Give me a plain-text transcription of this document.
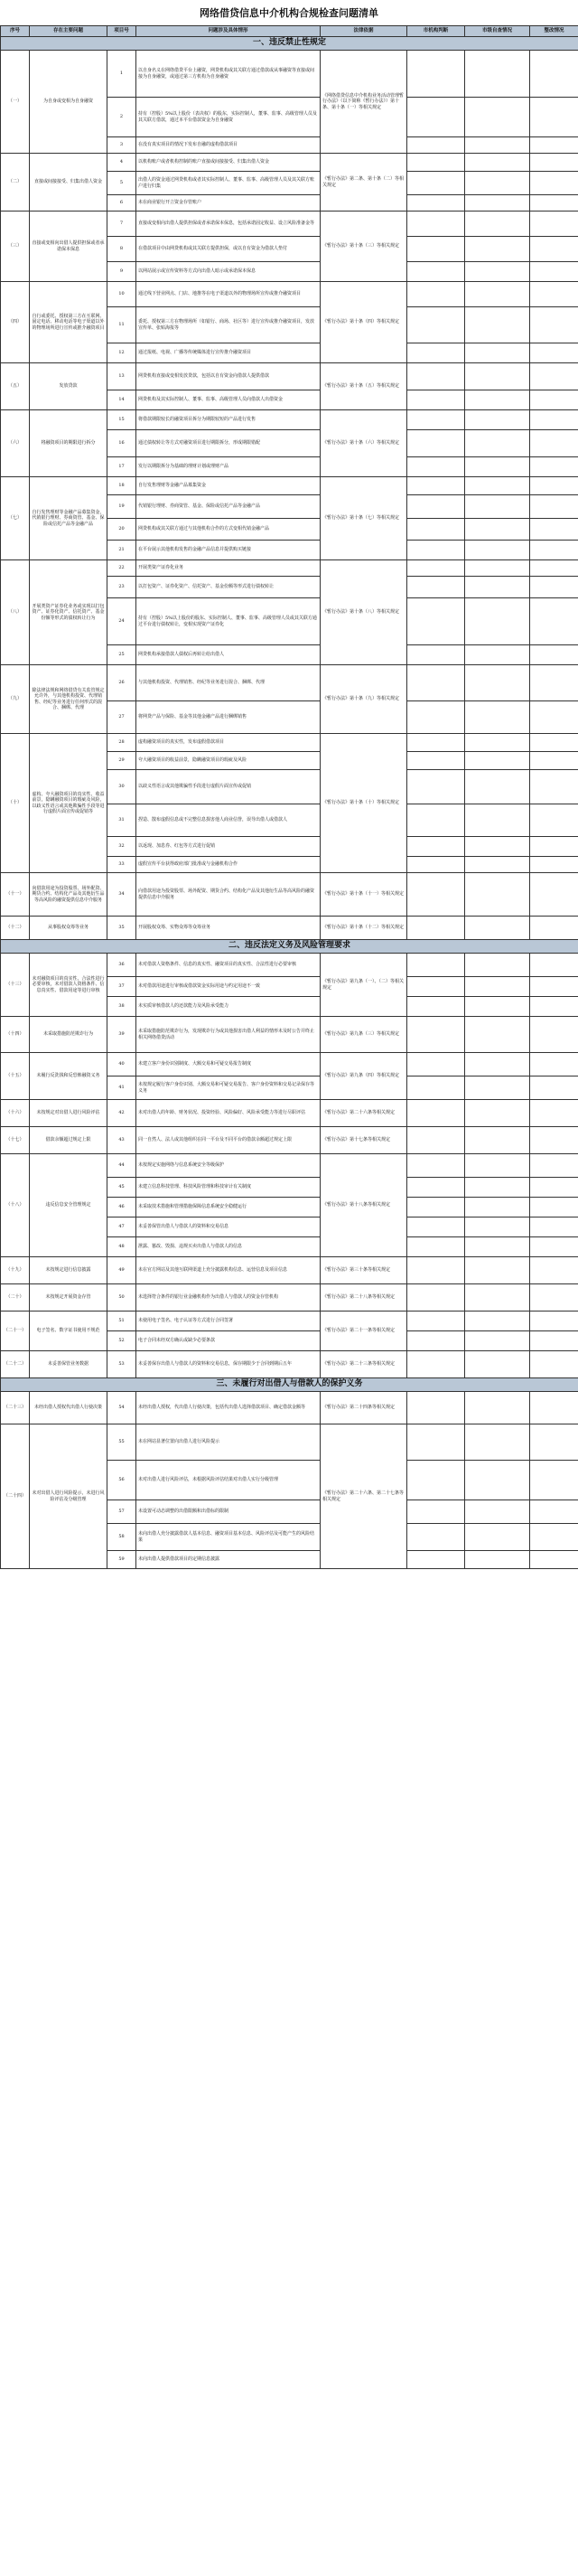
网络借贷信息中介机构合规检查问题清单
序号	存在主要问题	项目号	问题涉及具体情形	法律依据	市机构判断	市级自查情况	整改情况
一、违反禁止性规定							
（一）	为自身或变相为自身融资	1	以自身名义在网络借贷平台上融资，网贷机构或其关联方通过借款或从事融资等直接或间接为自身融资，或通过第三方机构为自身融资	《网络借贷信息中介机构业务活动管理暂行办法》（以下简称《暂行办法》）第十条、第十条（一）等相关规定			
		2	持有（控股）5%以上股份（表决权）的股东，实际控制人，董事、监事、高级管理人员及其关联方借款，通过本平台借款资金为自身融资				
		3	在没有真实项目的情况下发布自融的虚构借款项目				
（二）	直接或间接接受、归集出借人资金	4	以机构账户或者机构控制的账户直接或间接接受、归集出借人资金	《暂行办法》第二条、第十条（二）等相关规定			
		5	出借人的资金通过网贷机构或者其实际控制人、董事、监事、高级管理人员及其关联方账户进行归集				
		6	未在商业银行开立资金存管账户				
（三）	直接或变相向出借人提供担保或者承诺保本保息	7	直接或变相向出借人提供担保或者承诺保本保息，包括承诺固定收益、设立风险准备金等	《暂行办法》第十条（三）等相关规定			
		8	在借款项目中由网贷机构或其关联方提供担保，或以自有资金为借款人垫付				
		9	以网站展示或宣传资料等方式向出借人暗示或承诺保本保息				
（四）	自行或委托、授权第三方在互联网、固定电话、移动电话等电子渠道以外的物理场所进行宣传或推介融资项目	10	通过线下营业网点、门店、地推等在电子渠道以外的物理场所宣传或推介融资项目	《暂行办法》第十条（四）等相关规定			
		11	委托、授权第三方在物理场所（如银行、商场、社区等）进行宣传或推介融资项目，发放宣传单、张贴海报等				
		12	通过报纸、电视、广播等传统媒体进行宣传推介融资项目				
（五）	发放贷款	13	网贷机构直接或变相发放贷款，包括以自有资金向借款人提供借款	《暂行办法》第十条（五）等相关规定			
		14	网贷机构及其实际控制人、董事、监事、高级管理人员向借款人出借资金				
（六）	将融资项目的期限进行拆分	15	将借款期限较长的融资项目拆分为期限较短的产品进行发售	《暂行办法》第十条（六）等相关规定			
		16	通过债权转让等方式对融资项目进行期限拆分，形成期限错配				
		17	发行以期限拆分为基础的理财计划或理财产品				
（七）	自行发售理财等金融产品募集资金，代销银行理财、券商资管、基金、保险或信托产品等金融产品	18	自行发售理财等金融产品募集资金	《暂行办法》第十条（七）等相关规定			
		19	代销银行理财、券商资管、基金、保险或信托产品等金融产品				
		20	网贷机构或其关联方通过与其他机构合作的方式变相代销金融产品				
		21	在平台展示其他机构发售的金融产品信息并提供购买链接				
（八）	开展类资产证券化业务或实现以打包资产、证券化资产、信托资产、基金份额等形式的债权转让行为	22	开展类资产证券化业务	《暂行办法》第十条（八）等相关规定			
		23	以打包资产、证券化资产、信托资产、基金份额等形式进行债权转让				
		24	持有（控股）5%以上股份的股东、实际控制人、董事、监事、高级管理人员或其关联方通过平台进行债权转让，变相实现资产证券化				
		25	网贷机构承接借款人债权后再转让给出借人				
（九）	除法律法规和网络借贷有关监管规定允许外，与其他机构投资、代理销售、经纪等业务进行任何形式的混合、捆绑、代理	26	与其他机构投资、代理销售、经纪等业务进行混合、捆绑、代理	《暂行办法》第十条（九）等相关规定			
		27	将网贷产品与保险、基金等其他金融产品进行捆绑销售				
（十）	虚构、夸大融资项目的真实性、收益前景，隐瞒融资项目的瑕疵及风险，以歧义性语言或其他欺骗性手段等进行虚假片面宣传或促销等	28	虚构融资项目的真实性，发布虚假借款项目	《暂行办法》第十条（十）等相关规定			
		29	夸大融资项目的收益前景，隐瞒融资项目的瑕疵及风险				
		30	以歧义性语言或其他欺骗性手段进行虚假片面宣传或促销				
		31	捏造、散布虚假信息或不完整信息损害他人商业信誉，误导出借人或借款人				
		32	以返现、加息券、红包等方式进行促销				
		33	虚假宣传平台获得政府部门批准或与金融机构合作				
（十一）	向借款用途为投资股票、场外配资、期货合约、结构化产品及其他衍生品等高风险的融资提供信息中介服务	34	向借款用途为投资股票、场外配资、期货合约、结构化产品及其他衍生品等高风险的融资提供信息中介服务	《暂行办法》第十条（十一）等相关规定			
（十二）	从事股权众筹等业务	35	开展股权众筹、实物众筹等众筹业务	《暂行办法》第十条（十二）等相关规定			
二、违反法定义务及风险管理要求							
（十三）	未对融资项目的真实性、合法性进行必要审核，未对借款人资格条件、信息真实性、借款用途等进行审核	36	未对借款人资格条件、信息的真实性、融资项目的真实性、合法性进行必要审核	《暂行办法》第九条（一）、（二）等相关规定			
		37	未对借款用途进行审核或借款资金实际用途与约定用途不一致				
		38	未实质审核借款人的还款能力及风险承受能力				
（十四）	未采取措施防范欺诈行为	39	未采取措施防范欺诈行为，发现欺诈行为或其他损害出借人利益的情形未及时公告并终止相关网络借贷活动	《暂行办法》第九条（三）等相关规定			
（十五）	未履行反洗钱和反恐怖融资义务	40	未建立客户身份识别制度、大额交易和可疑交易报告制度	《暂行办法》第九条（四）等相关规定			
		41	未按规定履行客户身份识别、大额交易和可疑交易报告、客户身份资料和交易记录保存等义务				
（十六）	未按规定对出借人进行风险评估	42	未对出借人的年龄、财务状况、投资经验、风险偏好、风险承受能力等进行尽职评估	《暂行办法》第二十六条等相关规定			
（十七）	借款余额超过规定上限	43	同一自然人、法人或其他组织在同一平台及不同平台的借款余额超过规定上限	《暂行办法》第十七条等相关规定			
（十八）	违反信息安全管理规定	44	未按规定实施网络与信息系统安全等级保护	《暂行办法》第十八条等相关规定			
		45	未建立信息科技管理、科技风险管理和科技审计有关制度				
		46	未采取技术措施和管理措施保障信息系统安全稳健运行				
		47	未妥善保管出借人与借款人的资料和交易信息				
		48	泄露、篡改、毁损、违规买卖出借人与借款人的信息				
（十九）	未按规定进行信息披露	49	未在官方网站及其他互联网渠道上充分披露机构信息、运营信息及项目信息	《暂行办法》第三十条等相关规定			
（二十）	未按规定开展资金存管	50	未选择符合条件的银行业金融机构作为出借人与借款人的资金存管机构	《暂行办法》第二十八条等相关规定			
（二十一）	电子签名、数字证书使用不规范	51	未使用电子签名、电子认证等方式进行合同签署	《暂行办法》第二十一条等相关规定			
		52	电子合同未经双方确认或缺少必要条款				
（二十二）	未妥善保管业务数据	53	未妥善保存出借人与借款人的资料和交易信息，保存期限少于合同到期后五年	《暂行办法》第二十三条等相关规定			
三、未履行对出借人与借款人的保护义务							
（二十三）	未经出借人授权代出借人行使决策	54	未经出借人授权，代出借人行使决策，包括代出借人选择借款项目、确定借款金额等	《暂行办法》第二十四条等相关规定			
（二十四）	未对出借人进行风险提示，未进行风险评估及分级管理	55	未在网站显著位置向出借人进行风险提示	《暂行办法》第二十六条、第二十七条等相关规定			
		56	未对出借人进行风险评估，未根据风险评估结果对出借人实行分级管理				
		57	未设置可动态调整的出借限额和出借标的限制				
		58	未向出借人充分披露借款人基本信息、融资项目基本信息、风险评估及可能产生的风险结果				
		59	未向出借人提供借款项目的定期信息披露				
